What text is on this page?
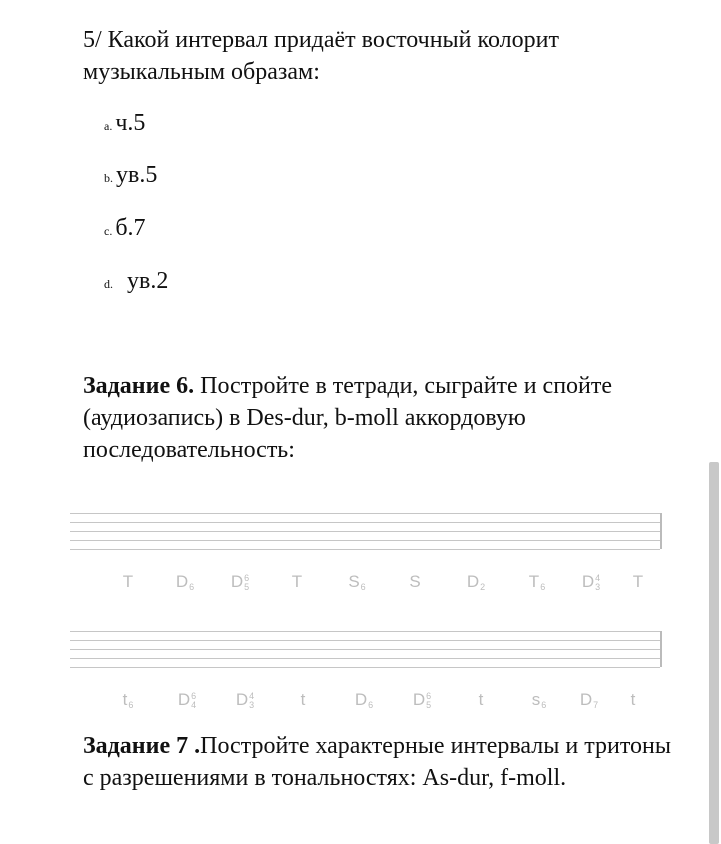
5/ Какой интервал придаёт восточный колорит музыкальным образам:
a. ч.5
b. ув.5
c. б.7
d. ув.2
Задание 6. Постройте в тетради, сыграйте и спойте (аудиозапись) в Des-dur, b-moll аккордовую последовательность:
T	D
6 D 6
5	T	S
6	S	D
2	T
6 D 4
3 T
t
6	D 6
4 D 4
3	t	D
6 D 6
5	t	s
6 D
7 t
Задание 7 .Постройте характерные интервалы и тритоны с разрешениями в тональностях: As-dur, f-moll.
